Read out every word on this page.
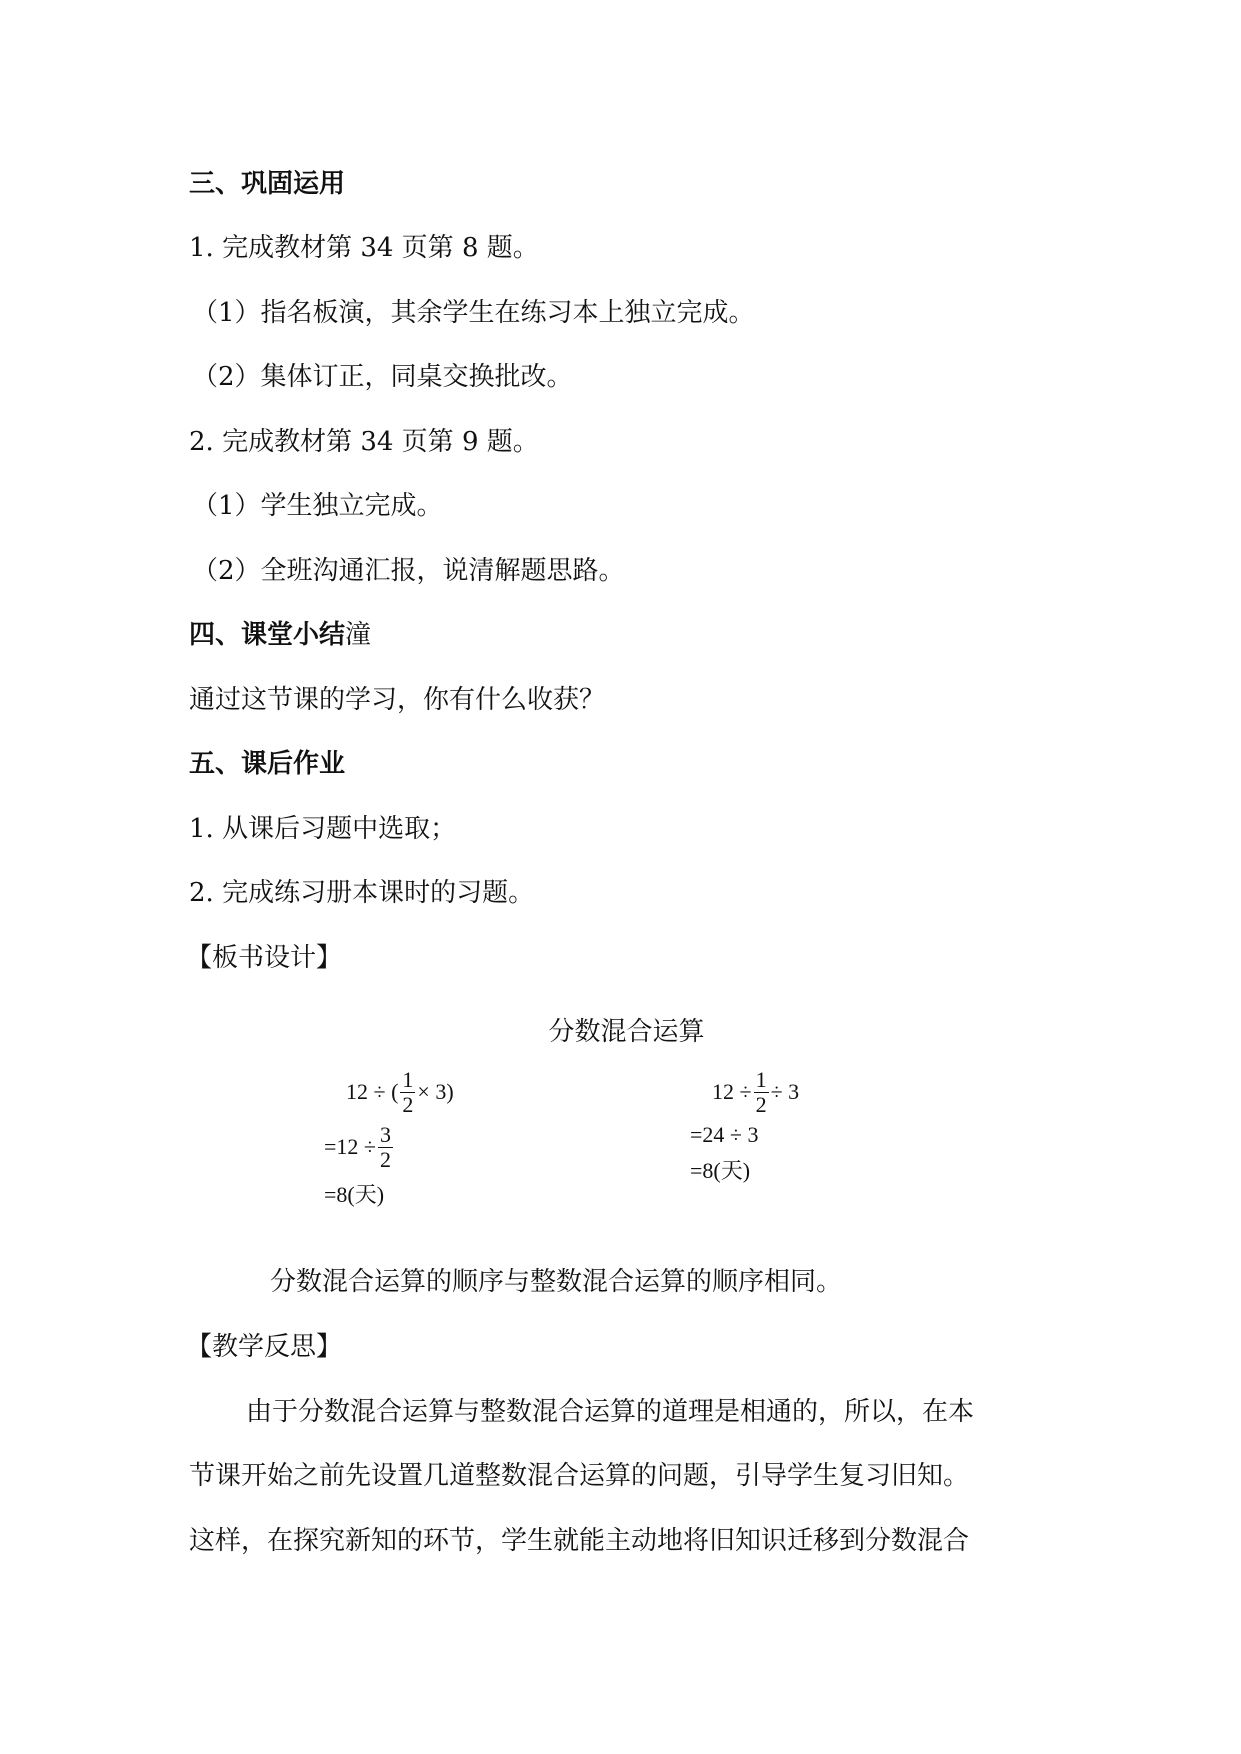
三、巩固运用
1. 完成教材第 34 页第 8 题。
（1）指名板演，其余学生在练习本上独立完成。
（2）集体订正，同桌交换批改。
2. 完成教材第 34 页第 9 题。
（1）学生独立完成。
（2）全班沟通汇报，说清解题思路。
四、课堂小结潼
通过这节课的学习，你有什么收获？
五、课后作业
1. 从课后习题中选取；
2. 完成练习册本课时的习题。
【板书设计】
分数混合运算
12 ÷ ( $\frac{1}{2} \times 3$)
$=12 \div \frac{3}{2}$
=8(天)
$12 \div \frac{1}{2} \div 3$
=24 ÷ 3
=8(天)
分数混合运算的顺序与整数混合运算的顺序相同。
【教学反思】
由于分数混合运算与整数混合运算的道理是相通的，所以，在本
节课开始之前先设置几道整数混合运算的问题，引导学生复习旧知。
这样，在探究新知的环节，学生就能主动地将旧知识迁移到分数混合
